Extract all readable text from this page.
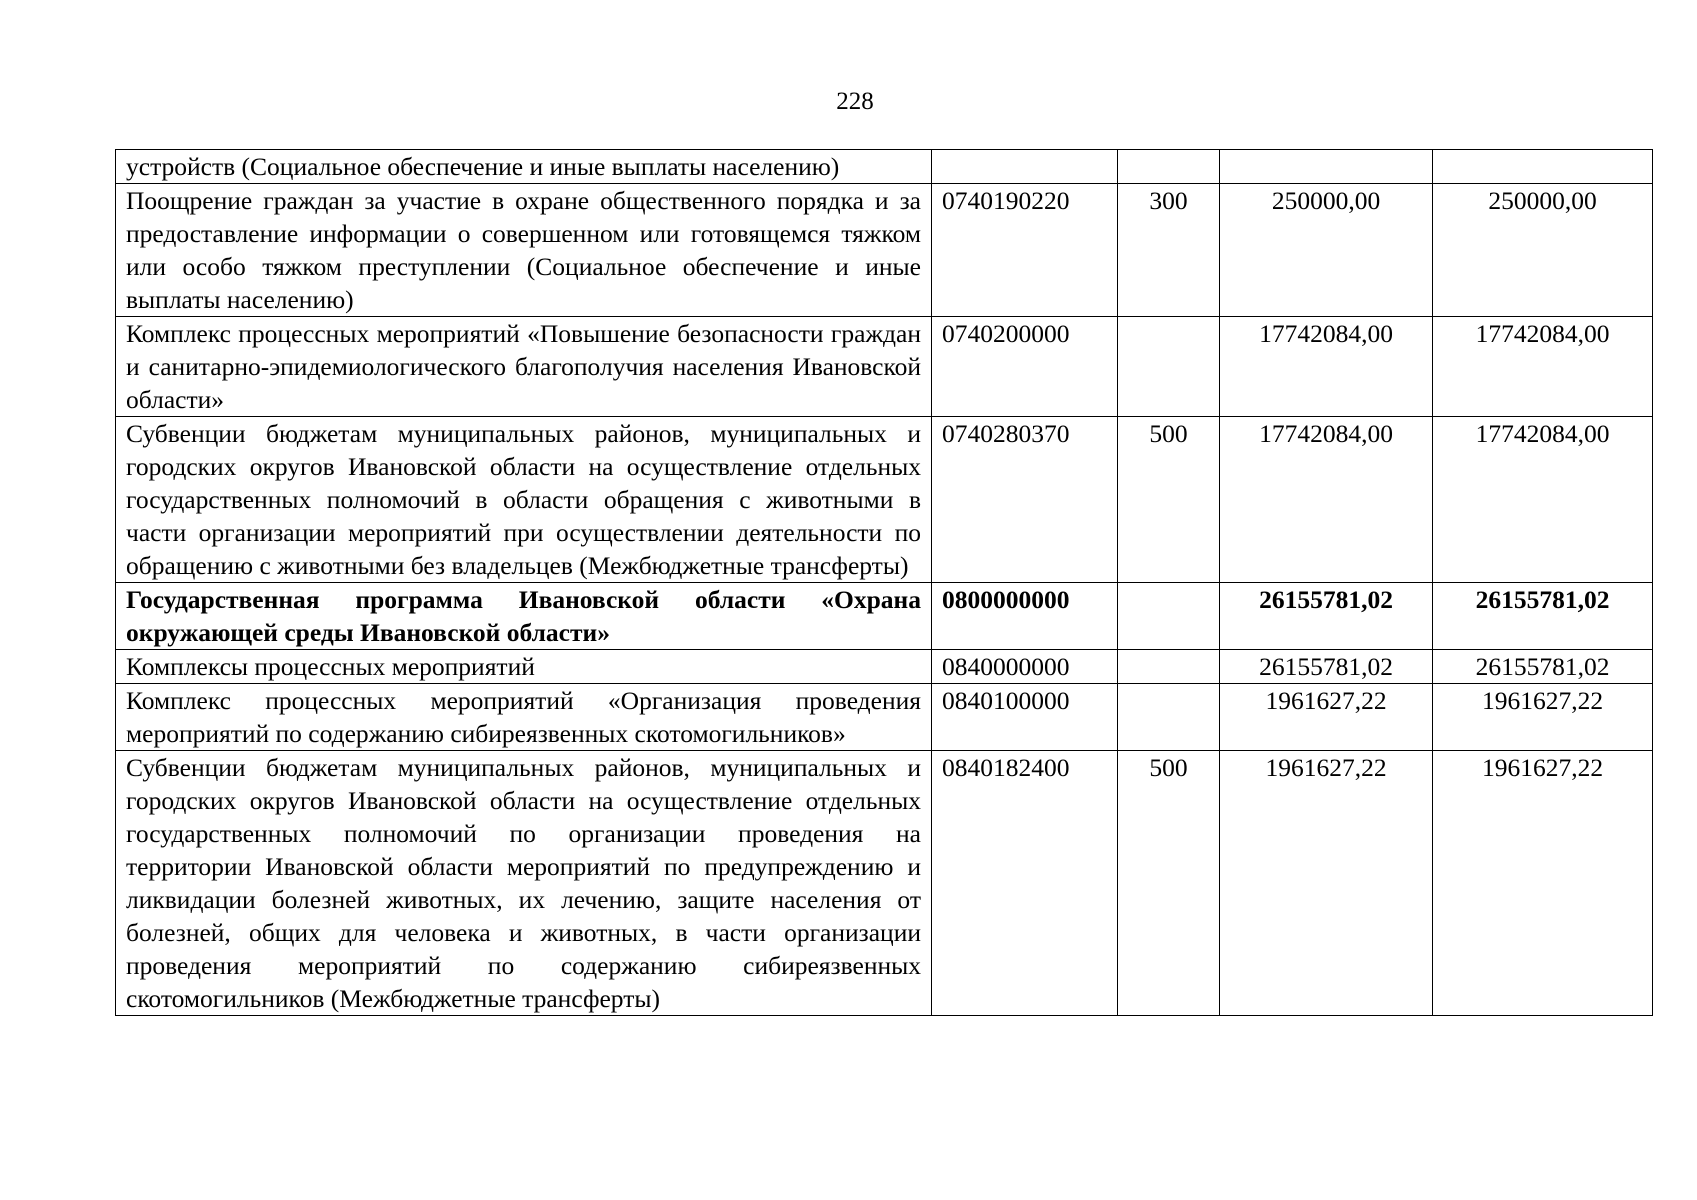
228
устройств (Социальное обеспечение и иные выплаты населению)				
Поощрение граждан за участие в охране общественного порядка и за предоставление информации о совершенном или готовящемся тяжком или особо тяжком преступлении (Социальное обеспечение и иные выплаты населению)	0740190220	300	250000,00	250000,00
Комплекс процессных мероприятий «Повышение безопасности граждан и санитарно-эпидемиологического благополучия населения Ивановской области»	0740200000		17742084,00	17742084,00
Субвенции бюджетам муниципальных районов, муниципальных и городских округов Ивановской области на осуществление отдельных государственных полномочий в области обращения с животными в части организации мероприятий при осуществлении деятельности по обращению с животными без владельцев (Межбюджетные трансферты)	0740280370	500	17742084,00	17742084,00
Государственная программа Ивановской области «Охрана окружающей среды Ивановской области»	0800000000		26155781,02	26155781,02
Комплексы процессных мероприятий	0840000000		26155781,02	26155781,02
Комплекс процессных мероприятий «Организация проведения мероприятий по содержанию сибиреязвенных скотомогильников»	0840100000		1961627,22	1961627,22
Субвенции бюджетам муниципальных районов, муниципальных и городских округов Ивановской области на осуществление отдельных государственных полномочий по организации проведения на территории Ивановской области мероприятий по предупреждению и ликвидации болезней животных, их лечению, защите населения от болезней, общих для человека и животных, в части организации проведения мероприятий по содержанию сибиреязвенных скотомогильников (Межбюджетные трансферты)	0840182400	500	1961627,22	1961627,22
